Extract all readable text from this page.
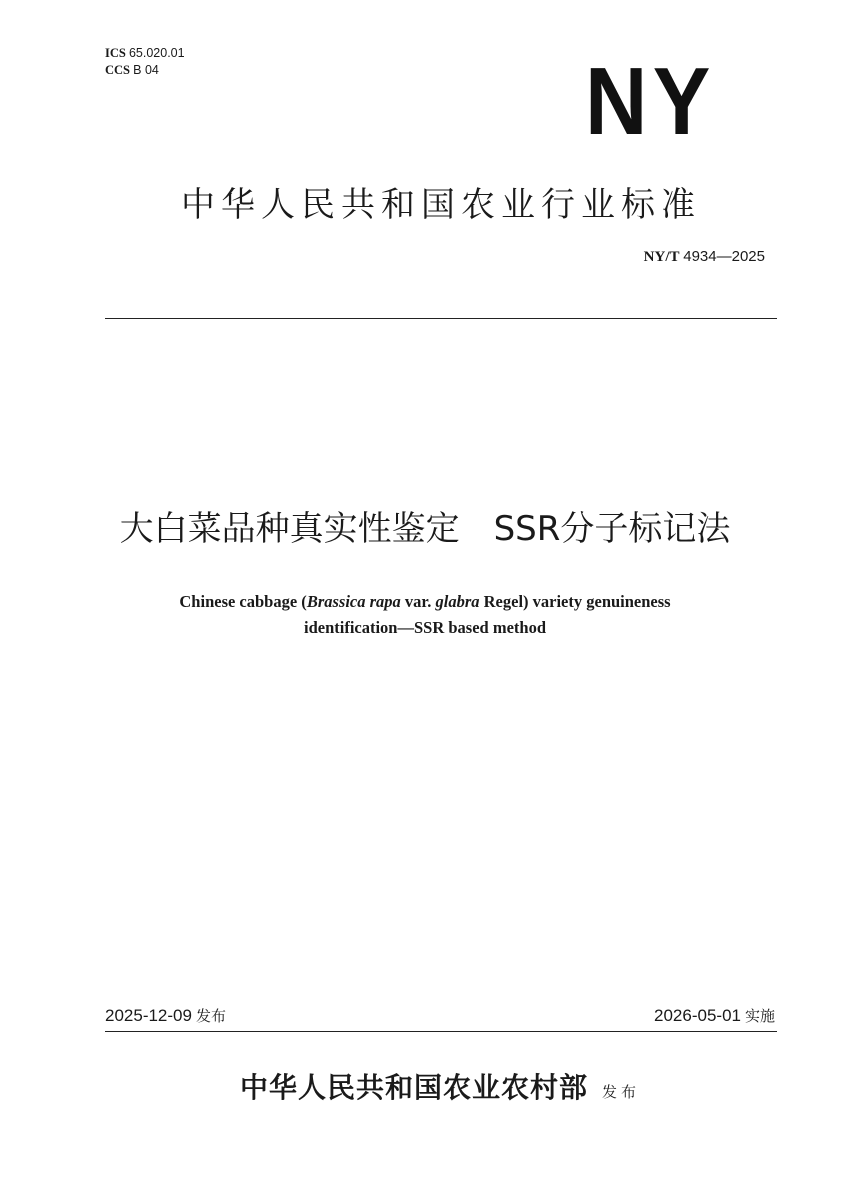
ICS 65.020.01
CCS B 04	NY
中华人民共和国农业行业标准
NY/T 4934—2025
大白菜品种真实性鉴定 SSR分子标记法
Chinese cabbage (Brassica rapa var. glabra Regel) variety genuineness
identification—SSR based method
2025-12-09 发布	2026-05-01 实施
中华人民共和国农业农村部 发布
